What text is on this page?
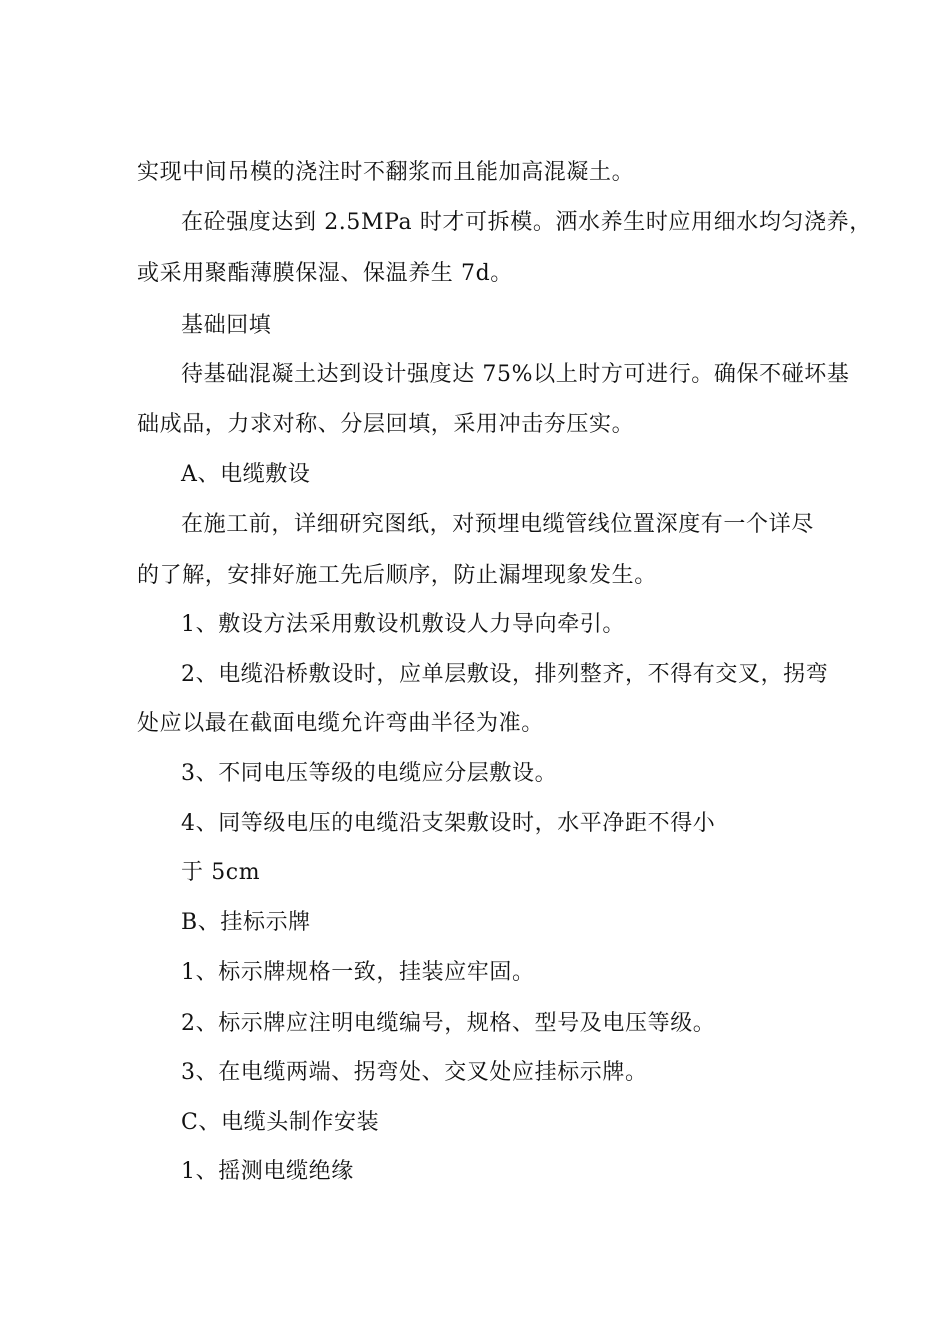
实现中间吊模的浇注时不翻浆而且能加高混凝土。

在砼强度达到 2.5MPa 时才可拆模。洒水养生时应用细水均匀浇养，

或采用聚酯薄膜保湿、保温养生 7d。

基础回填

待基础混凝土达到设计强度达 75%以上时方可进行。确保不碰坏基

础成品，力求对称、分层回填，采用冲击夯压实。

A、电缆敷设

在施工前，详细研究图纸，对预埋电缆管线位置深度有一个详尽

的了解，安排好施工先后顺序，防止漏埋现象发生。

1、敷设方法采用敷设机敷设人力导向牵引。

2、电缆沿桥敷设时，应单层敷设，排列整齐，不得有交叉，拐弯

处应以最在截面电缆允许弯曲半径为准。

3、不同电压等级的电缆应分层敷设。

4、同等级电压的电缆沿支架敷设时，水平净距不得小

于 5cm

B、挂标示牌

1、标示牌规格一致，挂装应牢固。

2、标示牌应注明电缆编号，规格、型号及电压等级。

3、在电缆两端、拐弯处、交叉处应挂标示牌。

C、电缆头制作安装

1、摇测电缆绝缘
